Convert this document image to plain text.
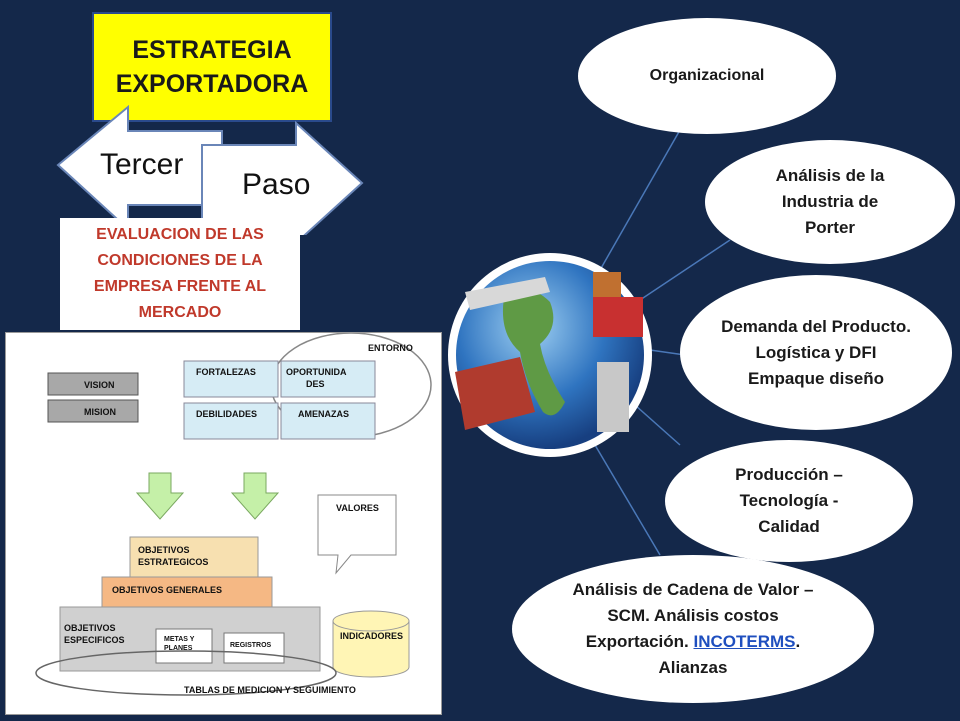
ESTRATEGIA
EXPORTADORA
Tercer
Paso
EVALUACION DE LAS CONDICIONES DE LA EMPRESA FRENTE AL MERCADO
ENTORNO
VISION
MISION
FORTALEZAS	OPORTUNIDA
DES
DEBILIDADES	AMENAZAS
VALORES
OBJETIVOS
ESTRATEGICOS
OBJETIVOS GENERALES
OBJETIVOS
ESPECIFICOS	METAS Y
PLANES	REGISTROS
INDICADORES
TABLAS DE MEDICION Y SEGUIMIENTO
Organizacional
Análisis de la Industria de Porter
Demanda del Producto. Logística y DFI Empaque diseño
Producción – Tecnología - Calidad
Análisis de Cadena de Valor – SCM. Análisis costos Exportación. INCOTERMS. Alianzas
